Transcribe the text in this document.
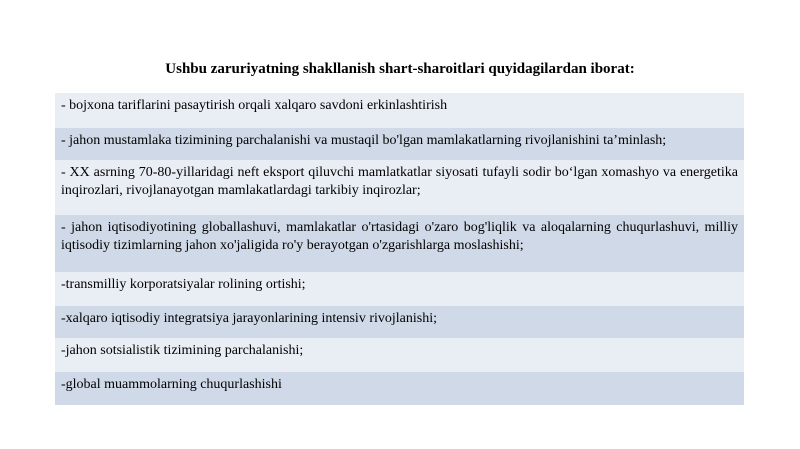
Ushbu zaruriyatning shakllanish shart-sharoitlari quyidagilardan iborat:
- bojxona tariflarini pasaytirish orqali xalqaro savdoni erkinlashtirish
- jahon mustamlaka tizimining parchalanishi va mustaqil bo'lgan mamlakatlarning rivojlanishini ta’minlash;
- XX asrning 70-80-yillaridagi neft eksport qiluvchi mamlatkatlar siyosati tufayli sodir boʻlgan xomashyo va energetika inqirozlari, rivojlanayotgan mamlakatlardagi tarkibiy inqirozlar;
- jahon iqtisodiyotining globallashuvi, mamlakatlar o'rtasidagi o'zaro bog'liqlik va aloqalarning chuqurlashuvi, milliy iqtisodiy tizimlarning jahon xo'jaligida ro'y berayotgan o'zgarishlarga moslashishi;
-transmilliy korporatsiyalar rolining ortishi;
-xalqaro iqtisodiy integratsiya jarayonlarining intensiv rivojlanishi;
-jahon sotsialistik tizimining parchalanishi;
-global muammolarning chuqurlashishi
